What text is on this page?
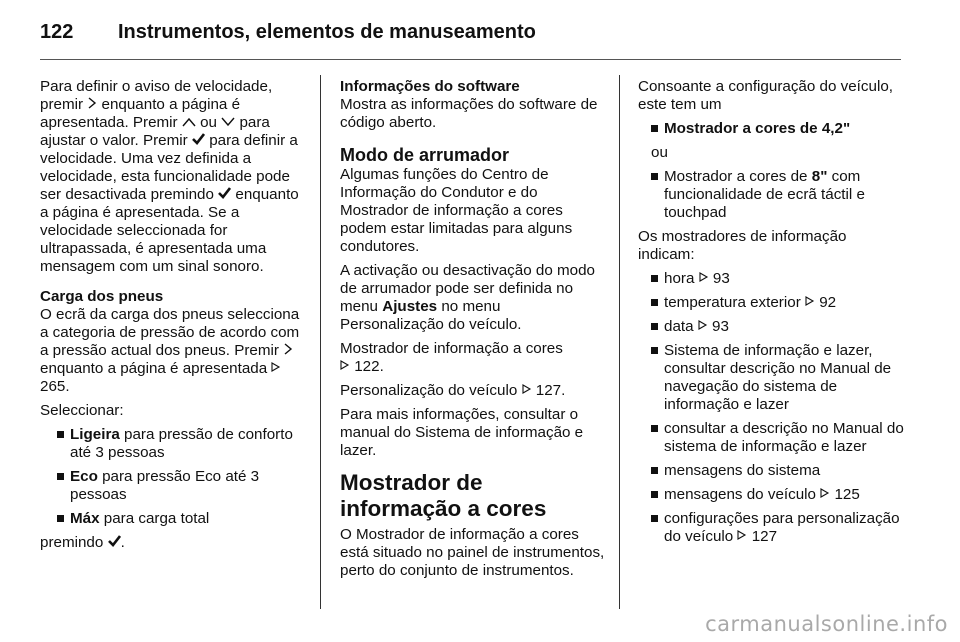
122 Instrumentos, elementos de manuseamento

Para definir o aviso de velocidade, premir enquanto a página é apresentada. Premir ou para ajustar o valor. Premir para definir a velocidade. Uma vez definida a velocidade, esta funcionalidade pode ser desactivada premindo enquanto a página é apresentada. Se a velocidade seleccionada for ultrapassada, é apresentada uma mensagem com um sinal sonoro.

Carga dos pneus
O ecrã da carga dos pneus selecciona a categoria de pressão de acordo com a pressão actual dos pneus. Premir  enquanto a página é apresentada  265.

Seleccionar:

Ligeira para pressão de conforto até 3 pessoas
Eco para pressão Eco até 3 pessoas
Máx para carga total

premindo .

Informações do software
Mostra as informações do software de código aberto.

Modo de arrumador

Algumas funções do Centro de Informação do Condutor e do Mostrador de informação a cores podem estar limitadas para alguns condutores.

A activação ou desactivação do modo de arrumador pode ser definida no menu Ajustes no menu Personalização do veículo.

Mostrador de informação a cores
122.

Personalização do veículo 127.

Para mais informações, consultar o manual do Sistema de informação e lazer.

Mostrador de informação a cores

O Mostrador de informação a cores está situado no painel de instrumentos, perto do conjunto de instrumentos.

Consoante a configuração do veículo, este tem um

Mostrador a cores de 4,2"

ou

Mostrador a cores de 8" com funcionalidade de ecrã táctil e touchpad

Os mostradores de informação indicam:

hora 93
temperatura exterior 92
data 93
Sistema de informação e lazer, consultar descrição no Manual de navegação do sistema de informação e lazer
consultar a descrição no Manual do sistema de informação e lazer
mensagens do sistema
mensagens do veículo 125
configurações para personalização do veículo 127
carmanualsonline.info
